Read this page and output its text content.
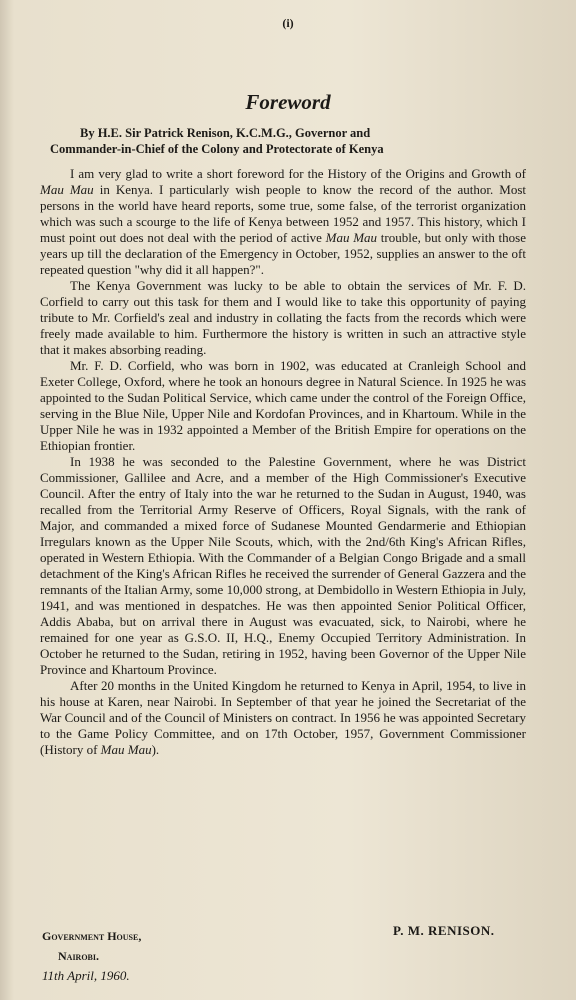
(i)
Foreword
By H.E. Sir Patrick Renison, K.C.M.G., Governor and
Commander-in-Chief of the Colony and Protectorate of Kenya

I am very glad to write a short foreword for the History of the Origins and Growth of Mau Mau in Kenya. I particularly wish people to know the record of the author. Most persons in the world have heard reports, some true, some false, of the terrorist organization which was such a scourge to the life of Kenya between 1952 and 1957. This history, which I must point out does not deal with the period of active Mau Mau trouble, but only with those years up till the declaration of the Emergency in October, 1952, supplies an answer to the oft repeated question "why did it all happen?".

The Kenya Government was lucky to be able to obtain the services of Mr. F. D. Corfield to carry out this task for them and I would like to take this opportunity of paying tribute to Mr. Corfield's zeal and industry in collating the facts from the records which were freely made available to him. Furthermore the history is written in such an attractive style that it makes absorbing reading.

Mr. F. D. Corfield, who was born in 1902, was educated at Cranleigh School and Exeter College, Oxford, where he took an honours degree in Natural Science. In 1925 he was appointed to the Sudan Political Service, which came under the control of the Foreign Office, serving in the Blue Nile, Upper Nile and Kordofan Provinces, and in Khartoum. While in the Upper Nile he was in 1932 appointed a Member of the British Empire for operations on the Ethiopian frontier.

In 1938 he was seconded to the Palestine Government, where he was District Commissioner, Gallilee and Acre, and a member of the High Commissioner's Executive Council. After the entry of Italy into the war he returned to the Sudan in August, 1940, was recalled from the Territorial Army Reserve of Officers, Royal Signals, with the rank of Major, and commanded a mixed force of Sudanese Mounted Gendarmerie and Ethiopian Irregulars known as the Upper Nile Scouts, which, with the 2nd/6th King's African Rifles, operated in Western Ethiopia. With the Commander of a Belgian Congo Brigade and a small detachment of the King's African Rifles he received the surrender of General Gazzera and the remnants of the Italian Army, some 10,000 strong, at Dembidollo in Western Ethiopia in July, 1941, and was mentioned in despatches. He was then appointed Senior Political Officer, Addis Ababa, but on arrival there in August was evacuated, sick, to Nairobi, where he remained for one year as G.S.O. II, H.Q., Enemy Occupied Territory Administration. In October he returned to the Sudan, retiring in 1952, having been Governor of the Upper Nile Province and Khartoum Province.

After 20 months in the United Kingdom he returned to Kenya in April, 1954, to live in his house at Karen, near Nairobi. In September of that year he joined the Secretariat of the War Council and of the Council of Ministers on contract. In 1956 he was appointed Secretary to the Game Policy Committee, and on 17th October, 1957, Government Commissioner (History of Mau Mau).

Government House,
Nairobi.
11th April, 1960.
P. M. RENISON.
